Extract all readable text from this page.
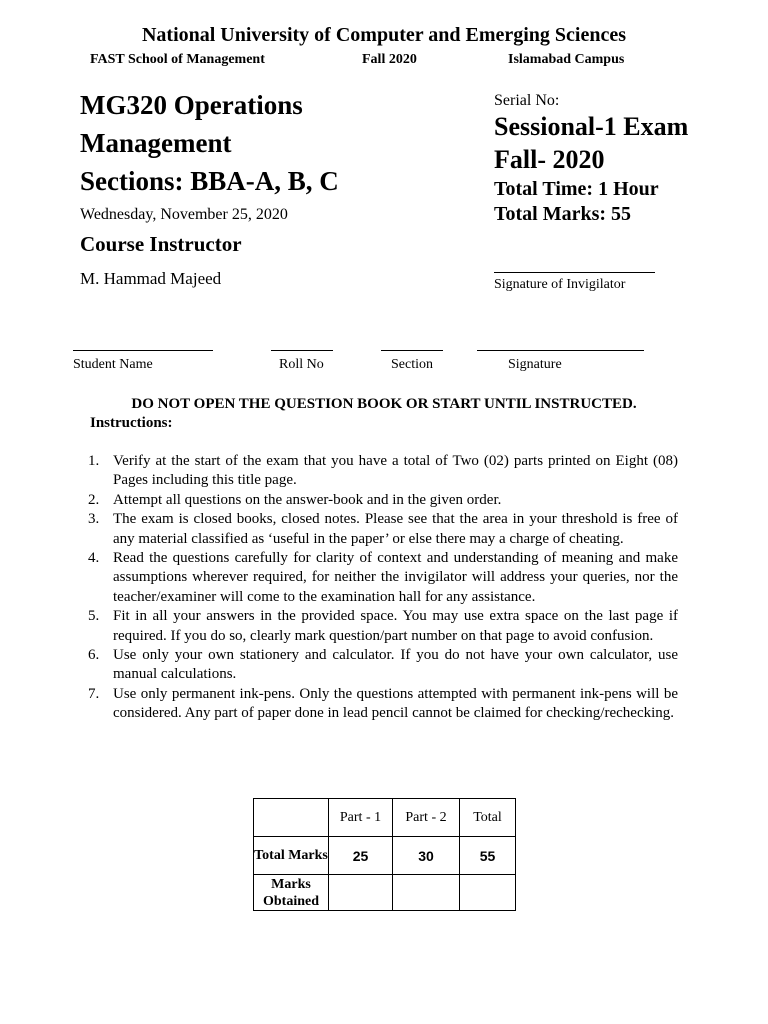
National University of Computer and Emerging Sciences
FAST School of Management	Fall 2020	Islamabad Campus
MG320 Operations
Management
Sections: BBA-A, B, C
Wednesday, November 25, 2020
Course Instructor
M. Hammad Majeed
Serial No:
Sessional-1 Exam
Fall- 2020
Total Time: 1 Hour
Total Marks: 55
Signature of Invigilator
Student Name	Roll No	Section	Signature
DO NOT OPEN THE QUESTION BOOK OR START UNTIL INSTRUCTED.
Instructions:
1. Verify at the start of the exam that you have a total of Two (02) parts printed on Eight (08) Pages including this title page.
2. Attempt all questions on the answer-book and in the given order.
3. The exam is closed books, closed notes. Please see that the area in your threshold is free of any material classified as ‘useful in the paper’ or else there may a charge of cheating.
4. Read the questions carefully for clarity of context and understanding of meaning and make assumptions wherever required, for neither the invigilator will address your queries, nor the teacher/examiner will come to the examination hall for any assistance.
5. Fit in all your answers in the provided space. You may use extra space on the last page if required. If you do so, clearly mark question/part number on that page to avoid confusion.
6. Use only your own stationery and calculator. If you do not have your own calculator, use manual calculations.
7. Use only permanent ink-pens. Only the questions attempted with permanent ink-pens will be considered. Any part of paper done in lead pencil cannot be claimed for checking/rechecking.
	Part - 1	Part - 2	Total
Total Marks	25	30	55
Marks Obtained			
